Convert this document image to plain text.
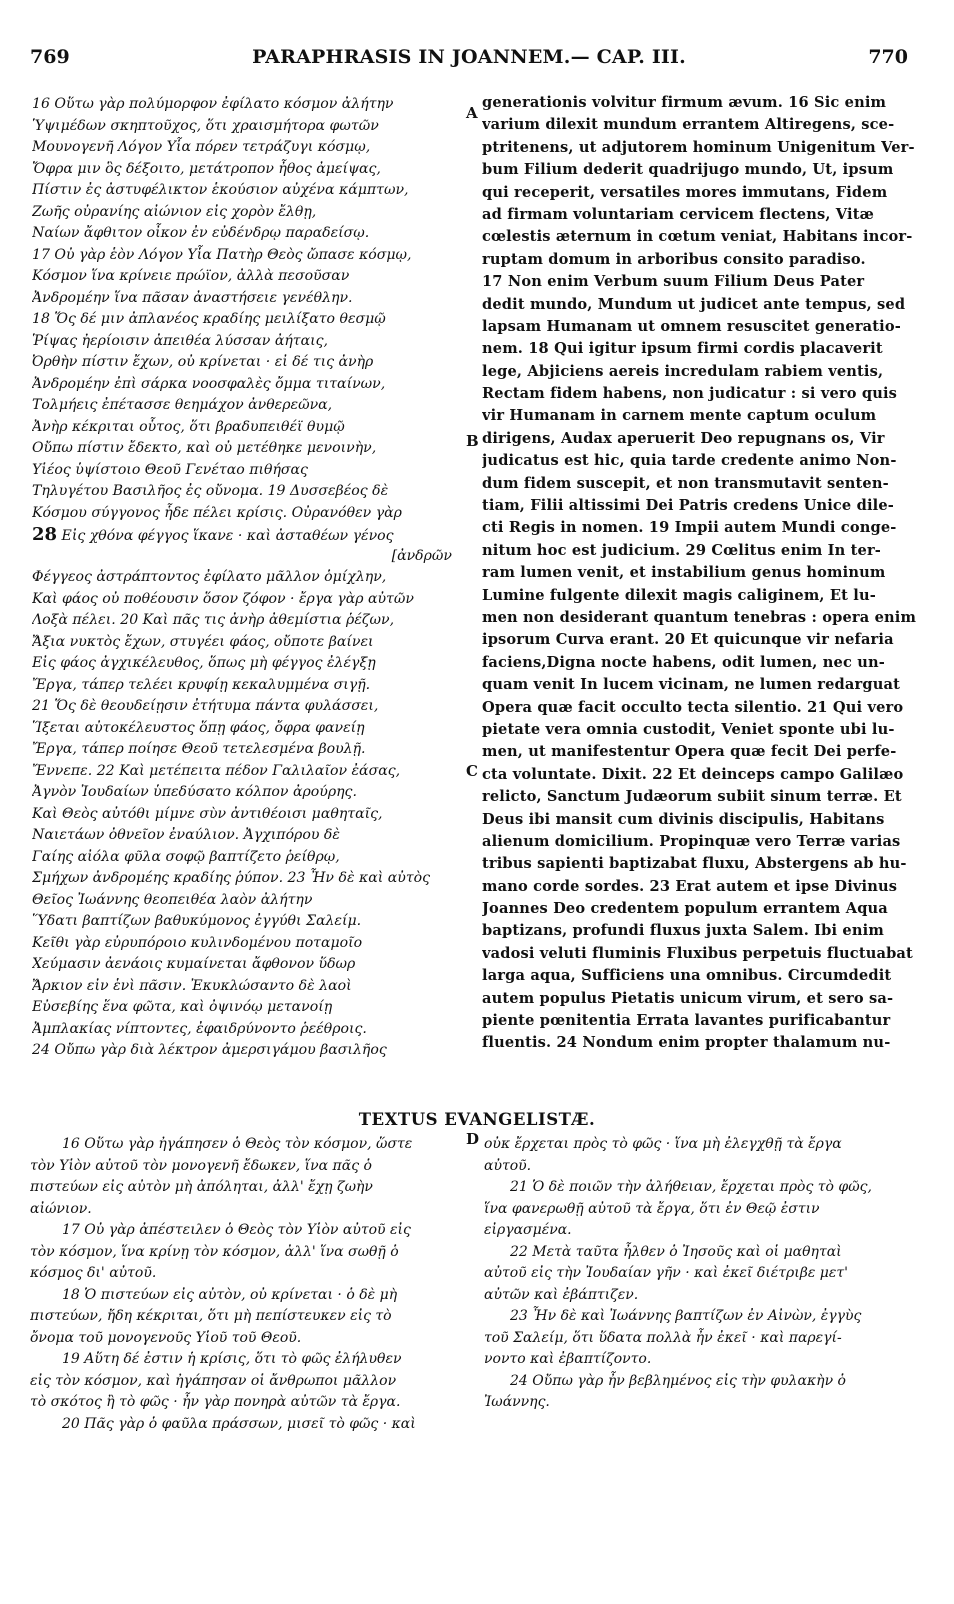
769	PARAPHRASIS IN JOANNEM.— CAP. III.	770
16 Οὕτω γὰρ πολύμορφον ἐφίλατο κόσμον ἀλήτην
Ὑψιμέδων σκηπτοῦχος, ὅτι χραισμήτορα φωτῶν
Μουνογενῆ Λόγον Υἷα πόρεν τετράζυγι κόσμῳ,
Ὄφρα μιν ὃς δέξοιτο, μετάτροπον ἦθος ἀμείψας,
Πίστιν ἐς ἀστυφέλικτον ἑκούσιον αὐχένα κάμπτων,
Ζωῆς οὐρανίης αἰώνιον εἰς χορὸν ἔλθῃ,
Ναίων ἄφθιτον οἶκον ἐν εὐδένδρῳ παραδείσῳ.
17 Οὐ γὰρ ἑὸν Λόγον Υἷα Πατὴρ Θεὸς ὤπασε κόσμῳ,
Κόσμον ἵνα κρίνειε πρώϊον, ἀλλὰ πεσοῦσαν
Ἀνδρομέην ἵνα πᾶσαν ἀναστήσειε γενέθλην.
18 Ὅς δέ μιν ἀπλανέος κραδίης μειλίξατο θεσμῷ
Ῥίψας ἠερίοισιν ἀπειθέα λύσσαν ἀήταις,
Ὀρθὴν πίστιν ἔχων, οὐ κρίνεται · εἰ δέ τις ἀνὴρ
Ἀνδρομέην ἐπὶ σάρκα νοοσφαλὲς ὄμμα τιταίνων,
Τολμήεις ἐπέτασσε θεημάχον ἀνθερεῶνα,
Ἀνὴρ κέκριται οὗτος, ὅτι βραδυπειθέϊ θυμῷ
Οὔπω πίστιν ἔδεκτο, καὶ οὐ μετέθηκε μενοινὴν,
Υἱέος ὑψίστοιο Θεοῦ Γενέταο πιθήσας
Τηλυγέτου Βασιλῆος ἐς οὔνομα. 19 Δυσσεβέος δὲ
Κόσμου σύγγονος ἧδε πέλει κρίσις. Οὐρανόθεν γὰρ
28 Εἰς χθόνα φέγγος ἵκανε · καὶ ἀσταθέων γένος
[ἀνδρῶν
Φέγγεος ἀστράπτοντος ἐφίλατο μᾶλλον ὁμίχλην,
Καὶ φάος οὐ ποθέουσιν ὅσον ζόφον · ἔργα γὰρ αὐτῶν
Λοξὰ πέλει. 20 Καὶ πᾶς τις ἀνὴρ ἀθεμίστια ῥέζων,
Ἄξια νυκτὸς ἔχων, στυγέει φάος, οὔποτε βαίνει
Εἰς φάος ἀγχικέλευθος, ὅπως μὴ φέγγος ἐλέγξῃ
Ἔργα, τάπερ τελέει κρυφίῃ κεκαλυμμένα σιγῇ.
21 Ὅς δὲ θεουδείῃσιν ἐτήτυμα πάντα φυλάσσει,
Ἵξεται αὐτοκέλευστος ὅπῃ φάος, ὄφρα φανείῃ
Ἔργα, τάπερ ποίησε Θεοῦ τετελεσμένα βουλῇ.
Ἔννεπε. 22 Καὶ μετέπειτα πέδον Γαλιλαῖον ἐάσας,
Ἀγνὸν Ἰουδαίων ὑπεδύσατο κόλπον ἀρούρης.
Καὶ Θεὸς αὐτόθι μίμνε σὺν ἀντιθέοισι μαθηταῖς,
Ναιετάων ὀθνεῖον ἐναύλιον. Ἀγχιπόρου δὲ
Γαίης αἰόλα φῦλα σοφῷ βαπτίζετο ῥείθρῳ,
Σμήχων ἀνδρομέης κραδίης ῥύπον. 23 Ἦν δὲ καὶ αὐτὸς
Θεῖος Ἰωάννης θεοπειθέα λαὸν ἀλήτην
Ὕδατι βαπτίζων βαθυκύμονος ἐγγύθι Σαλείμ.
Κεῖθι γὰρ εὐρυπόροιο κυλινδομένου ποταμοῖο
Χεύμασιν ἀενάοις κυμαίνεται ἄφθονον ὕδωρ
Ἄρκιον εἰν ἑνὶ πᾶσιν. Ἐκυκλώσαντο δὲ λαοὶ
Εὐσεβίης ἕνα φῶτα, καὶ ὀψινόῳ μετανοίῃ
Ἀμπλακίας νίπτοντες, ἐφαιδρύνοντο ῥεέθροις.
24 Οὔπω γὰρ διὰ λέκτρον ἀμερσιγάμου βασιλῆος
A
B
C
D
generationis volvitur firmum ævum. 16 Sic enim
varium dilexit mundum errantem Altiregens, sce-
ptritenens, ut adjutorem hominum Unigenitum Ver-
bum Filium dederit quadrijugo mundo, Ut, ipsum
qui receperit, versatiles mores immutans, Fidem
ad firmam voluntariam cervicem flectens, Vitæ
cœlestis æternum in cœtum veniat, Habitans incor-
ruptam domum in arboribus consito paradiso.
17 Non enim Verbum suum Filium Deus Pater
dedit mundo, Mundum ut judicet ante tempus, sed
lapsam Humanam ut omnem resuscitet generatio-
nem. 18 Qui igitur ipsum firmi cordis placaverit
lege, Abjiciens aereis incredulam rabiem ventis,
Rectam fidem habens, non judicatur : si vero quis
vir Humanam in carnem mente captum oculum
dirigens, Audax aperuerit Deo repugnans os, Vir
judicatus est hic, quia tarde credente animo Non-
dum fidem suscepit, et non transmutavit senten-
tiam, Filii altissimi Dei Patris credens Unice dile-
cti Regis in nomen. 19 Impii autem Mundi conge-
nitum hoc est judicium. 29 Cœlitus enim In ter-
ram lumen venit, et instabilium genus hominum
Lumine fulgente dilexit magis caliginem, Et lu-
men non desiderant quantum tenebras : opera enim
ipsorum Curva erant. 20 Et quicunque vir nefaria
faciens,Digna nocte habens, odit lumen, nec un-
quam venit In lucem vicinam, ne lumen redarguat
Opera quæ facit occulto tecta silentio. 21 Qui vero
pietate vera omnia custodit, Veniet sponte ubi lu-
men, ut manifestentur Opera quæ fecit Dei perfe-
cta voluntate. Dixit. 22 Et deinceps campo Galilæo
relicto, Sanctum Judæorum subiit sinum terræ. Et
Deus ibi mansit cum divinis discipulis, Habitans
alienum domicilium. Propinquæ vero Terræ varias
tribus sapienti baptizabat fluxu, Abstergens ab hu-
mano corde sordes. 23 Erat autem et ipse Divinus
Joannes Deo credentem populum errantem Aqua
baptizans, profundi fluxus juxta Salem. Ibi enim
vadosi veluti fluminis Fluxibus perpetuis fluctuabat
larga aqua, Sufficiens una omnibus. Circumdedit
autem populus Pietatis unicum virum, et sero sa-
piente pœnitentia Errata lavantes purificabantur
fluentis. 24 Nondum enim propter thalamum nu-
TEXTUS EVANGELISTÆ.
16 Οὕτω γὰρ ἠγάπησεν ὁ Θεὸς τὸν κόσμον, ὥστε
τὸν Υἱὸν αὐτοῦ τὸν μονογενῆ ἔδωκεν, ἵνα πᾶς ὁ
πιστεύων εἰς αὐτὸν μὴ ἀπόληται, ἀλλ' ἔχῃ ζωὴν
αἰώνιον.
17 Οὐ γὰρ ἀπέστειλεν ὁ Θεὸς τὸν Υἱὸν αὐτοῦ εἰς
τὸν κόσμον, ἵνα κρίνῃ τὸν κόσμον, ἀλλ' ἵνα σωθῇ ὁ
κόσμος δι' αὐτοῦ.
18 Ὁ πιστεύων εἰς αὐτὸν, οὐ κρίνεται · ὁ δὲ μὴ
πιστεύων, ἤδη κέκριται, ὅτι μὴ πεπίστευκεν εἰς τὸ
ὄνομα τοῦ μονογενοῦς Υἱοῦ τοῦ Θεοῦ.
19 Αὕτη δέ ἐστιν ἡ κρίσις, ὅτι τὸ φῶς ἐλήλυθεν
εἰς τὸν κόσμον, καὶ ἠγάπησαν οἱ ἄνθρωποι μᾶλλον
τὸ σκότος ἢ τὸ φῶς · ἦν γὰρ πονηρὰ αὐτῶν τὰ ἔργα.
20 Πᾶς γὰρ ὁ φαῦλα πράσσων, μισεῖ τὸ φῶς · καὶ
οὐκ ἔρχεται πρὸς τὸ φῶς · ἵνα μὴ ἐλεγχθῇ τὰ ἔργα
αὐτοῦ.
21 Ὁ δὲ ποιῶν τὴν ἀλήθειαν, ἔρχεται πρὸς τὸ φῶς,
ἵνα φανερωθῇ αὐτοῦ τὰ ἔργα, ὅτι ἐν Θεῷ ἐστιν
εἰργασμένα.
22 Μετὰ ταῦτα ἦλθεν ὁ Ἰησοῦς καὶ οἱ μαθηταὶ
αὐτοῦ εἰς τὴν Ἰουδαίαν γῆν · καὶ ἐκεῖ διέτριβε μετ'
αὐτῶν καὶ ἐβάπτιζεν.
23 Ἦν δὲ καὶ Ἰωάννης βαπτίζων ἐν Αἰνὼν, ἐγγὺς
τοῦ Σαλείμ, ὅτι ὕδατα πολλὰ ἦν ἐκεῖ · καὶ παρεγί-
νοντο καὶ ἐβαπτίζοντο.
24 Οὔπω γὰρ ἦν βεβλημένος εἰς τὴν φυλακὴν ὁ
Ἰωάννης.
